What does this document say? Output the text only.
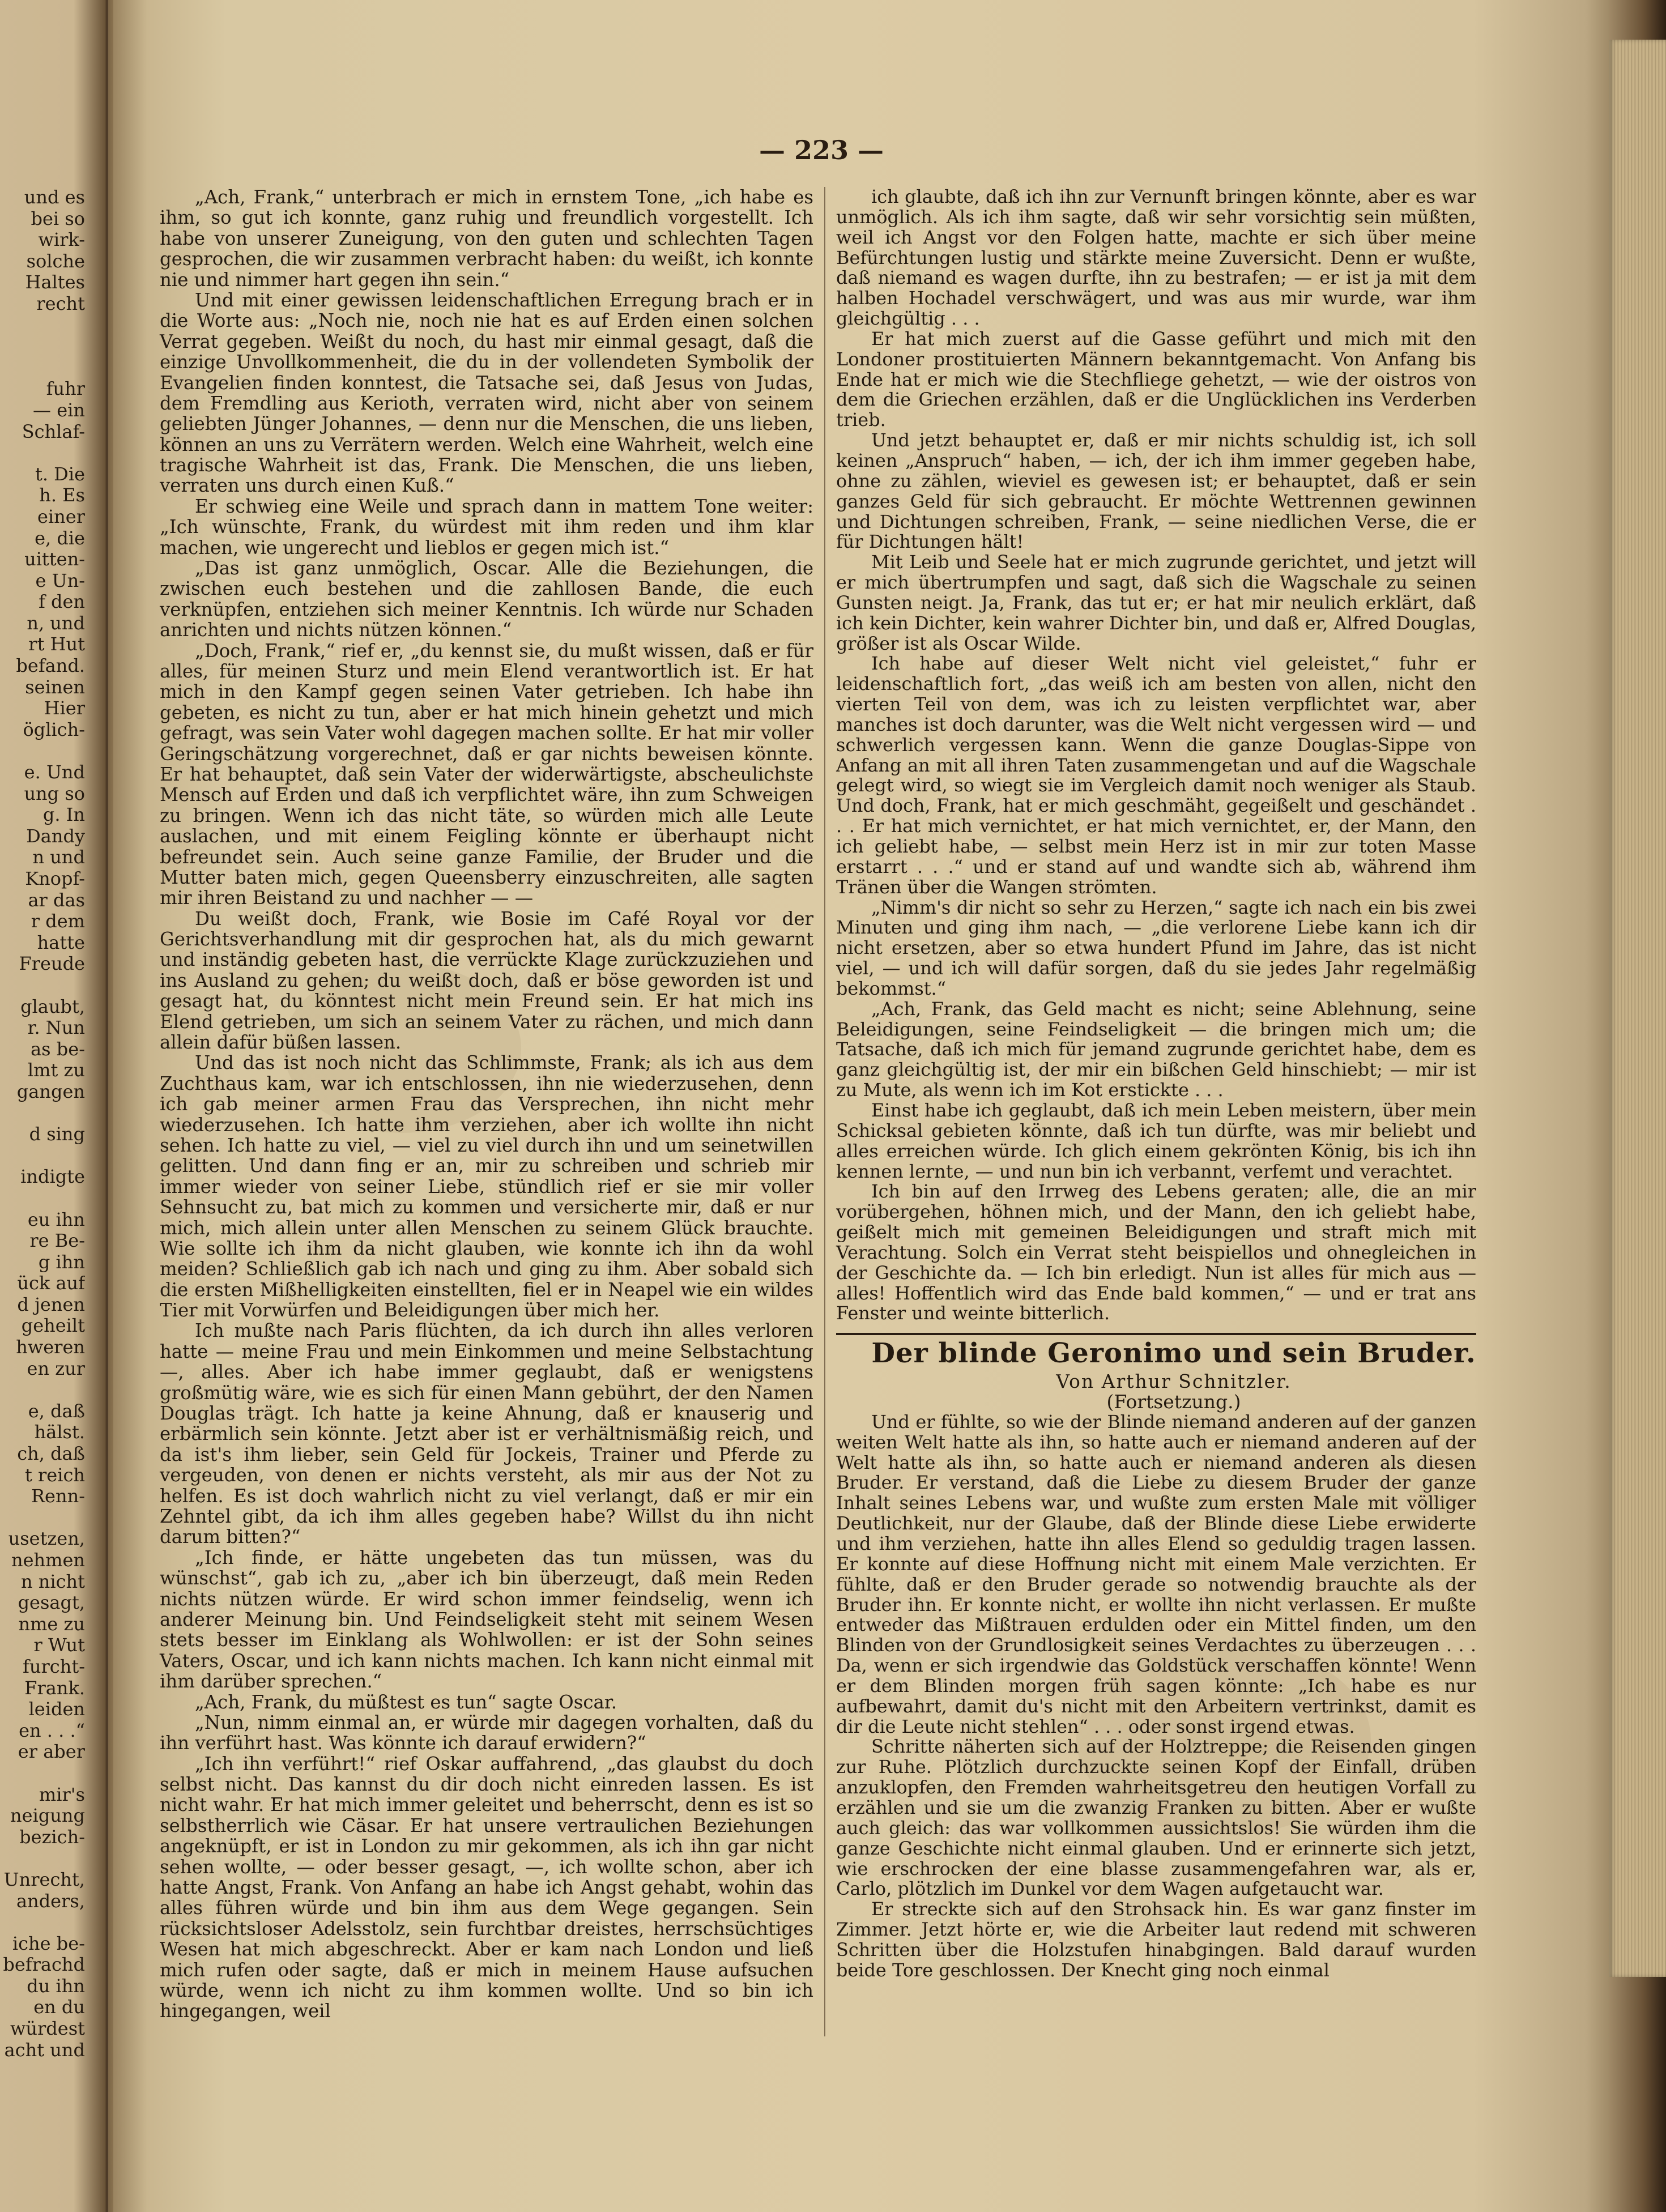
und es
bei so
wirk-
solche
Haltes
recht
fuhr
— ein
Schlaf-
t. Die
h. Es
einer
e, die
uitten-
e Un-
f den
n, und
rt Hut
befand.
seinen
Hier
öglich-
e. Und
ung so
g. In
Dandy
n und
Knopf-
ar das
r dem
hatte
Freude
glaubt,
r. Nun
as be-
lmt zu
gangen
d sing
indigte
eu ihn
re Be-
g ihn
ück auf
d jenen
geheilt
hweren
en zur
e, daß
hälst.
ch, daß
t reich
Renn-
usetzen,
nehmen
n nicht
gesagt,
nme zu
r Wut
furcht-
Frank.
leiden
en . . .“
er aber
mir's
neigung
bezich-
Unrecht,
anders,
iche be-
befrachd
du ihn
en du
würdest
acht und
— 223 —

„Ach, Frank,“ unterbrach er mich in ernstem Tone, „ich habe es ihm, so gut ich konnte, ganz ruhig und freundlich vorgestellt. Ich habe von unserer Zuneigung, von den guten und schlechten Tagen gesprochen, die wir zusammen verbracht haben: du weißt, ich konnte nie und nimmer hart gegen ihn sein.“

Und mit einer gewissen leidenschaftlichen Erregung brach er in die Worte aus: „Noch nie, noch nie hat es auf Erden einen solchen Verrat gegeben. Weißt du noch, du hast mir einmal gesagt, daß die einzige Unvollkommenheit, die du in der vollendeten Symbolik der Evangelien finden konntest, die Tatsache sei, daß Jesus von Judas, dem Fremdling aus Kerioth, verraten wird, nicht aber von seinem geliebten Jünger Johannes, — denn nur die Menschen, die uns lieben, können an uns zu Verrätern werden. Welch eine Wahrheit, welch eine tragische Wahrheit ist das, Frank. Die Menschen, die uns lieben, verraten uns durch einen Kuß.“

Er schwieg eine Weile und sprach dann in mattem Tone weiter: „Ich wünschte, Frank, du würdest mit ihm reden und ihm klar machen, wie ungerecht und lieblos er gegen mich ist.“

„Das ist ganz unmöglich, Oscar. Alle die Beziehungen, die zwischen euch bestehen und die zahllosen Bande, die euch verknüpfen, entziehen sich meiner Kenntnis. Ich würde nur Schaden anrichten und nichts nützen können.“

„Doch, Frank,“ rief er, „du kennst sie, du mußt wissen, daß er für alles, für meinen Sturz und mein Elend verantwortlich ist. Er hat mich in den Kampf gegen seinen Vater getrieben. Ich habe ihn gebeten, es nicht zu tun, aber er hat mich hinein gehetzt und mich gefragt, was sein Vater wohl dagegen machen sollte. Er hat mir voller Geringschätzung vorgerechnet, daß er gar nichts beweisen könnte. Er hat behauptet, daß sein Vater der widerwärtigste, abscheulichste Mensch auf Erden und daß ich verpflichtet wäre, ihn zum Schweigen zu bringen. Wenn ich das nicht täte, so würden mich alle Leute auslachen, und mit einem Feigling könnte er überhaupt nicht befreundet sein. Auch seine ganze Familie, der Bruder und die Mutter baten mich, gegen Queensberry einzuschreiten, alle sagten mir ihren Beistand zu und nachher — —

Du weißt doch, Frank, wie Bosie im Café Royal vor der Gerichtsverhandlung mit dir gesprochen hat, als du mich gewarnt und inständig gebeten hast, die verrückte Klage zurückzuziehen und ins Ausland zu gehen; du weißt doch, daß er böse geworden ist und gesagt hat, du könntest nicht mein Freund sein. Er hat mich ins Elend getrieben, um sich an seinem Vater zu rächen, und mich dann allein dafür büßen lassen.

Und das ist noch nicht das Schlimmste, Frank; als ich aus dem Zuchthaus kam, war ich entschlossen, ihn nie wiederzusehen, denn ich gab meiner armen Frau das Versprechen, ihn nicht mehr wiederzusehen. Ich hatte ihm verziehen, aber ich wollte ihn nicht sehen. Ich hatte zu viel, — viel zu viel durch ihn und um seinetwillen gelitten. Und dann fing er an, mir zu schreiben und schrieb mir immer wieder von seiner Liebe, stündlich rief er sie mir voller Sehnsucht zu, bat mich zu kommen und versicherte mir, daß er nur mich, mich allein unter allen Menschen zu seinem Glück brauchte. Wie sollte ich ihm da nicht glauben, wie konnte ich ihn da wohl meiden? Schließlich gab ich nach und ging zu ihm. Aber sobald sich die ersten Mißhelligkeiten einstellten, fiel er in Neapel wie ein wildes Tier mit Vorwürfen und Beleidigungen über mich her.

Ich mußte nach Paris flüchten, da ich durch ihn alles verloren hatte — meine Frau und mein Einkommen und meine Selbstachtung —, alles. Aber ich habe immer geglaubt, daß er wenigstens großmütig wäre, wie es sich für einen Mann gebührt, der den Namen Douglas trägt. Ich hatte ja keine Ahnung, daß er knauserig und erbärmlich sein könnte. Jetzt aber ist er verhältnismäßig reich, und da ist's ihm lieber, sein Geld für Jockeis, Trainer und Pferde zu vergeuden, von denen er nichts versteht, als mir aus der Not zu helfen. Es ist doch wahrlich nicht zu viel verlangt, daß er mir ein Zehntel gibt, da ich ihm alles gegeben habe? Willst du ihn nicht darum bitten?“

„Ich finde, er hätte ungebeten das tun müssen, was du wünschst“, gab ich zu, „aber ich bin überzeugt, daß mein Reden nichts nützen würde. Er wird schon immer feindselig, wenn ich anderer Meinung bin. Und Feindseligkeit steht mit seinem Wesen stets besser im Einklang als Wohlwollen: er ist der Sohn seines Vaters, Oscar, und ich kann nichts machen. Ich kann nicht einmal mit ihm darüber sprechen.“

„Ach, Frank, du müßtest es tun“ sagte Oscar.

„Nun, nimm einmal an, er würde mir dagegen vorhalten, daß du ihn verführt hast. Was könnte ich darauf erwidern?“

„Ich ihn verführt!“ rief Oskar auffahrend, „das glaubst du doch selbst nicht. Das kannst du dir doch nicht einreden lassen. Es ist nicht wahr. Er hat mich immer geleitet und beherrscht, denn es ist so selbstherrlich wie Cäsar. Er hat unsere vertraulichen Beziehungen angeknüpft, er ist in London zu mir gekommen, als ich ihn gar nicht sehen wollte, — oder besser gesagt, —, ich wollte schon, aber ich hatte Angst, Frank. Von Anfang an habe ich Angst gehabt, wohin das alles führen würde und bin ihm aus dem Wege gegangen. Sein rücksichtsloser Adelsstolz, sein furchtbar dreistes, herrschsüchtiges Wesen hat mich abgeschreckt. Aber er kam nach London und ließ mich rufen oder sagte, daß er mich in meinem Hause aufsuchen würde, wenn ich nicht zu ihm kommen wollte. Und so bin ich hingegangen, weil

ich glaubte, daß ich ihn zur Vernunft bringen könnte, aber es war unmöglich. Als ich ihm sagte, daß wir sehr vorsichtig sein müßten, weil ich Angst vor den Folgen hatte, machte er sich über meine Befürchtungen lustig und stärkte meine Zuversicht. Denn er wußte, daß niemand es wagen durfte, ihn zu bestrafen; — er ist ja mit dem halben Hochadel verschwägert, und was aus mir wurde, war ihm gleichgültig . . .

Er hat mich zuerst auf die Gasse geführt und mich mit den Londoner prostituierten Männern bekanntgemacht. Von Anfang bis Ende hat er mich wie die Stechfliege gehetzt, — wie der oistros von dem die Griechen erzählen, daß er die Unglücklichen ins Verderben trieb.

Und jetzt behauptet er, daß er mir nichts schuldig ist, ich soll keinen „Anspruch“ haben, — ich, der ich ihm immer gegeben habe, ohne zu zählen, wieviel es gewesen ist; er behauptet, daß er sein ganzes Geld für sich gebraucht. Er möchte Wettrennen gewinnen und Dichtungen schreiben, Frank, — seine niedlichen Verse, die er für Dichtungen hält!

Mit Leib und Seele hat er mich zugrunde gerichtet, und jetzt will er mich übertrumpfen und sagt, daß sich die Wagschale zu seinen Gunsten neigt. Ja, Frank, das tut er; er hat mir neulich erklärt, daß ich kein Dichter, kein wahrer Dichter bin, und daß er, Alfred Douglas, größer ist als Oscar Wilde.

Ich habe auf dieser Welt nicht viel geleistet,“ fuhr er leidenschaftlich fort, „das weiß ich am besten von allen, nicht den vierten Teil von dem, was ich zu leisten verpflichtet war, aber manches ist doch darunter, was die Welt nicht vergessen wird — und schwerlich vergessen kann. Wenn die ganze Douglas-Sippe von Anfang an mit all ihren Taten zusammengetan und auf die Wagschale gelegt wird, so wiegt sie im Vergleich damit noch weniger als Staub. Und doch, Frank, hat er mich geschmäht, gegeißelt und geschändet . . . Er hat mich vernichtet, er hat mich vernichtet, er, der Mann, den ich geliebt habe, — selbst mein Herz ist in mir zur toten Masse erstarrt . . .“ und er stand auf und wandte sich ab, während ihm Tränen über die Wangen strömten.

„Nimm's dir nicht so sehr zu Herzen,“ sagte ich nach ein bis zwei Minuten und ging ihm nach, — „die verlorene Liebe kann ich dir nicht ersetzen, aber so etwa hundert Pfund im Jahre, das ist nicht viel, — und ich will dafür sorgen, daß du sie jedes Jahr regelmäßig bekommst.“

„Ach, Frank, das Geld macht es nicht; seine Ablehnung, seine Beleidigungen, seine Feindseligkeit — die bringen mich um; die Tatsache, daß ich mich für jemand zugrunde gerichtet habe, dem es ganz gleichgültig ist, der mir ein bißchen Geld hinschiebt; — mir ist zu Mute, als wenn ich im Kot erstickte . . .

Einst habe ich geglaubt, daß ich mein Leben meistern, über mein Schicksal gebieten könnte, daß ich tun dürfte, was mir beliebt und alles erreichen würde. Ich glich einem gekrönten König, bis ich ihn kennen lernte, — und nun bin ich verbannt, verfemt und verachtet.

Ich bin auf den Irrweg des Lebens geraten; alle, die an mir vorübergehen, höhnen mich, und der Mann, den ich geliebt habe, geißelt mich mit gemeinen Beleidigungen und straft mich mit Verachtung. Solch ein Verrat steht beispiellos und ohnegleichen in der Geschichte da. — Ich bin erledigt. Nun ist alles für mich aus — alles! Hoffentlich wird das Ende bald kommen,“ — und er trat ans Fenster und weinte bitterlich.

Der blinde Geronimo und sein Bruder.

Von Arthur Schnitzler.

(Fortsetzung.)

Und er fühlte, so wie der Blinde niemand anderen auf der ganzen weiten Welt hatte als ihn, so hatte auch er niemand anderen auf der Welt hatte als ihn, so hatte auch er niemand anderen als diesen Bruder. Er verstand, daß die Liebe zu diesem Bruder der ganze Inhalt seines Lebens war, und wußte zum ersten Male mit völliger Deutlichkeit, nur der Glaube, daß der Blinde diese Liebe erwiderte und ihm verziehen, hatte ihn alles Elend so geduldig tragen lassen. Er konnte auf diese Hoffnung nicht mit einem Male verzichten. Er fühlte, daß er den Bruder gerade so notwendig brauchte als der Bruder ihn. Er konnte nicht, er wollte ihn nicht verlassen. Er mußte entweder das Mißtrauen erdulden oder ein Mittel finden, um den Blinden von der Grundlosigkeit seines Verdachtes zu überzeugen . . . Da, wenn er sich irgendwie das Goldstück verschaffen könnte! Wenn er dem Blinden morgen früh sagen könnte: „Ich habe es nur aufbewahrt, damit du's nicht mit den Arbeitern vertrinkst, damit es dir die Leute nicht stehlen“ . . . oder sonst irgend etwas.

Schritte näherten sich auf der Holztreppe; die Reisenden gingen zur Ruhe. Plötzlich durchzuckte seinen Kopf der Einfall, drüben anzuklopfen, den Fremden wahrheitsgetreu den heutigen Vorfall zu erzählen und sie um die zwanzig Franken zu bitten. Aber er wußte auch gleich: das war vollkommen aussichtslos! Sie würden ihm die ganze Geschichte nicht einmal glauben. Und er erinnerte sich jetzt, wie erschrocken der eine blasse zusammengefahren war, als er, Carlo, plötzlich im Dunkel vor dem Wagen aufgetaucht war.

Er streckte sich auf den Strohsack hin. Es war ganz finster im Zimmer. Jetzt hörte er, wie die Arbeiter laut redend mit schweren Schritten über die Holzstufen hinabgingen. Bald darauf wurden beide Tore geschlossen. Der Knecht ging noch einmal
